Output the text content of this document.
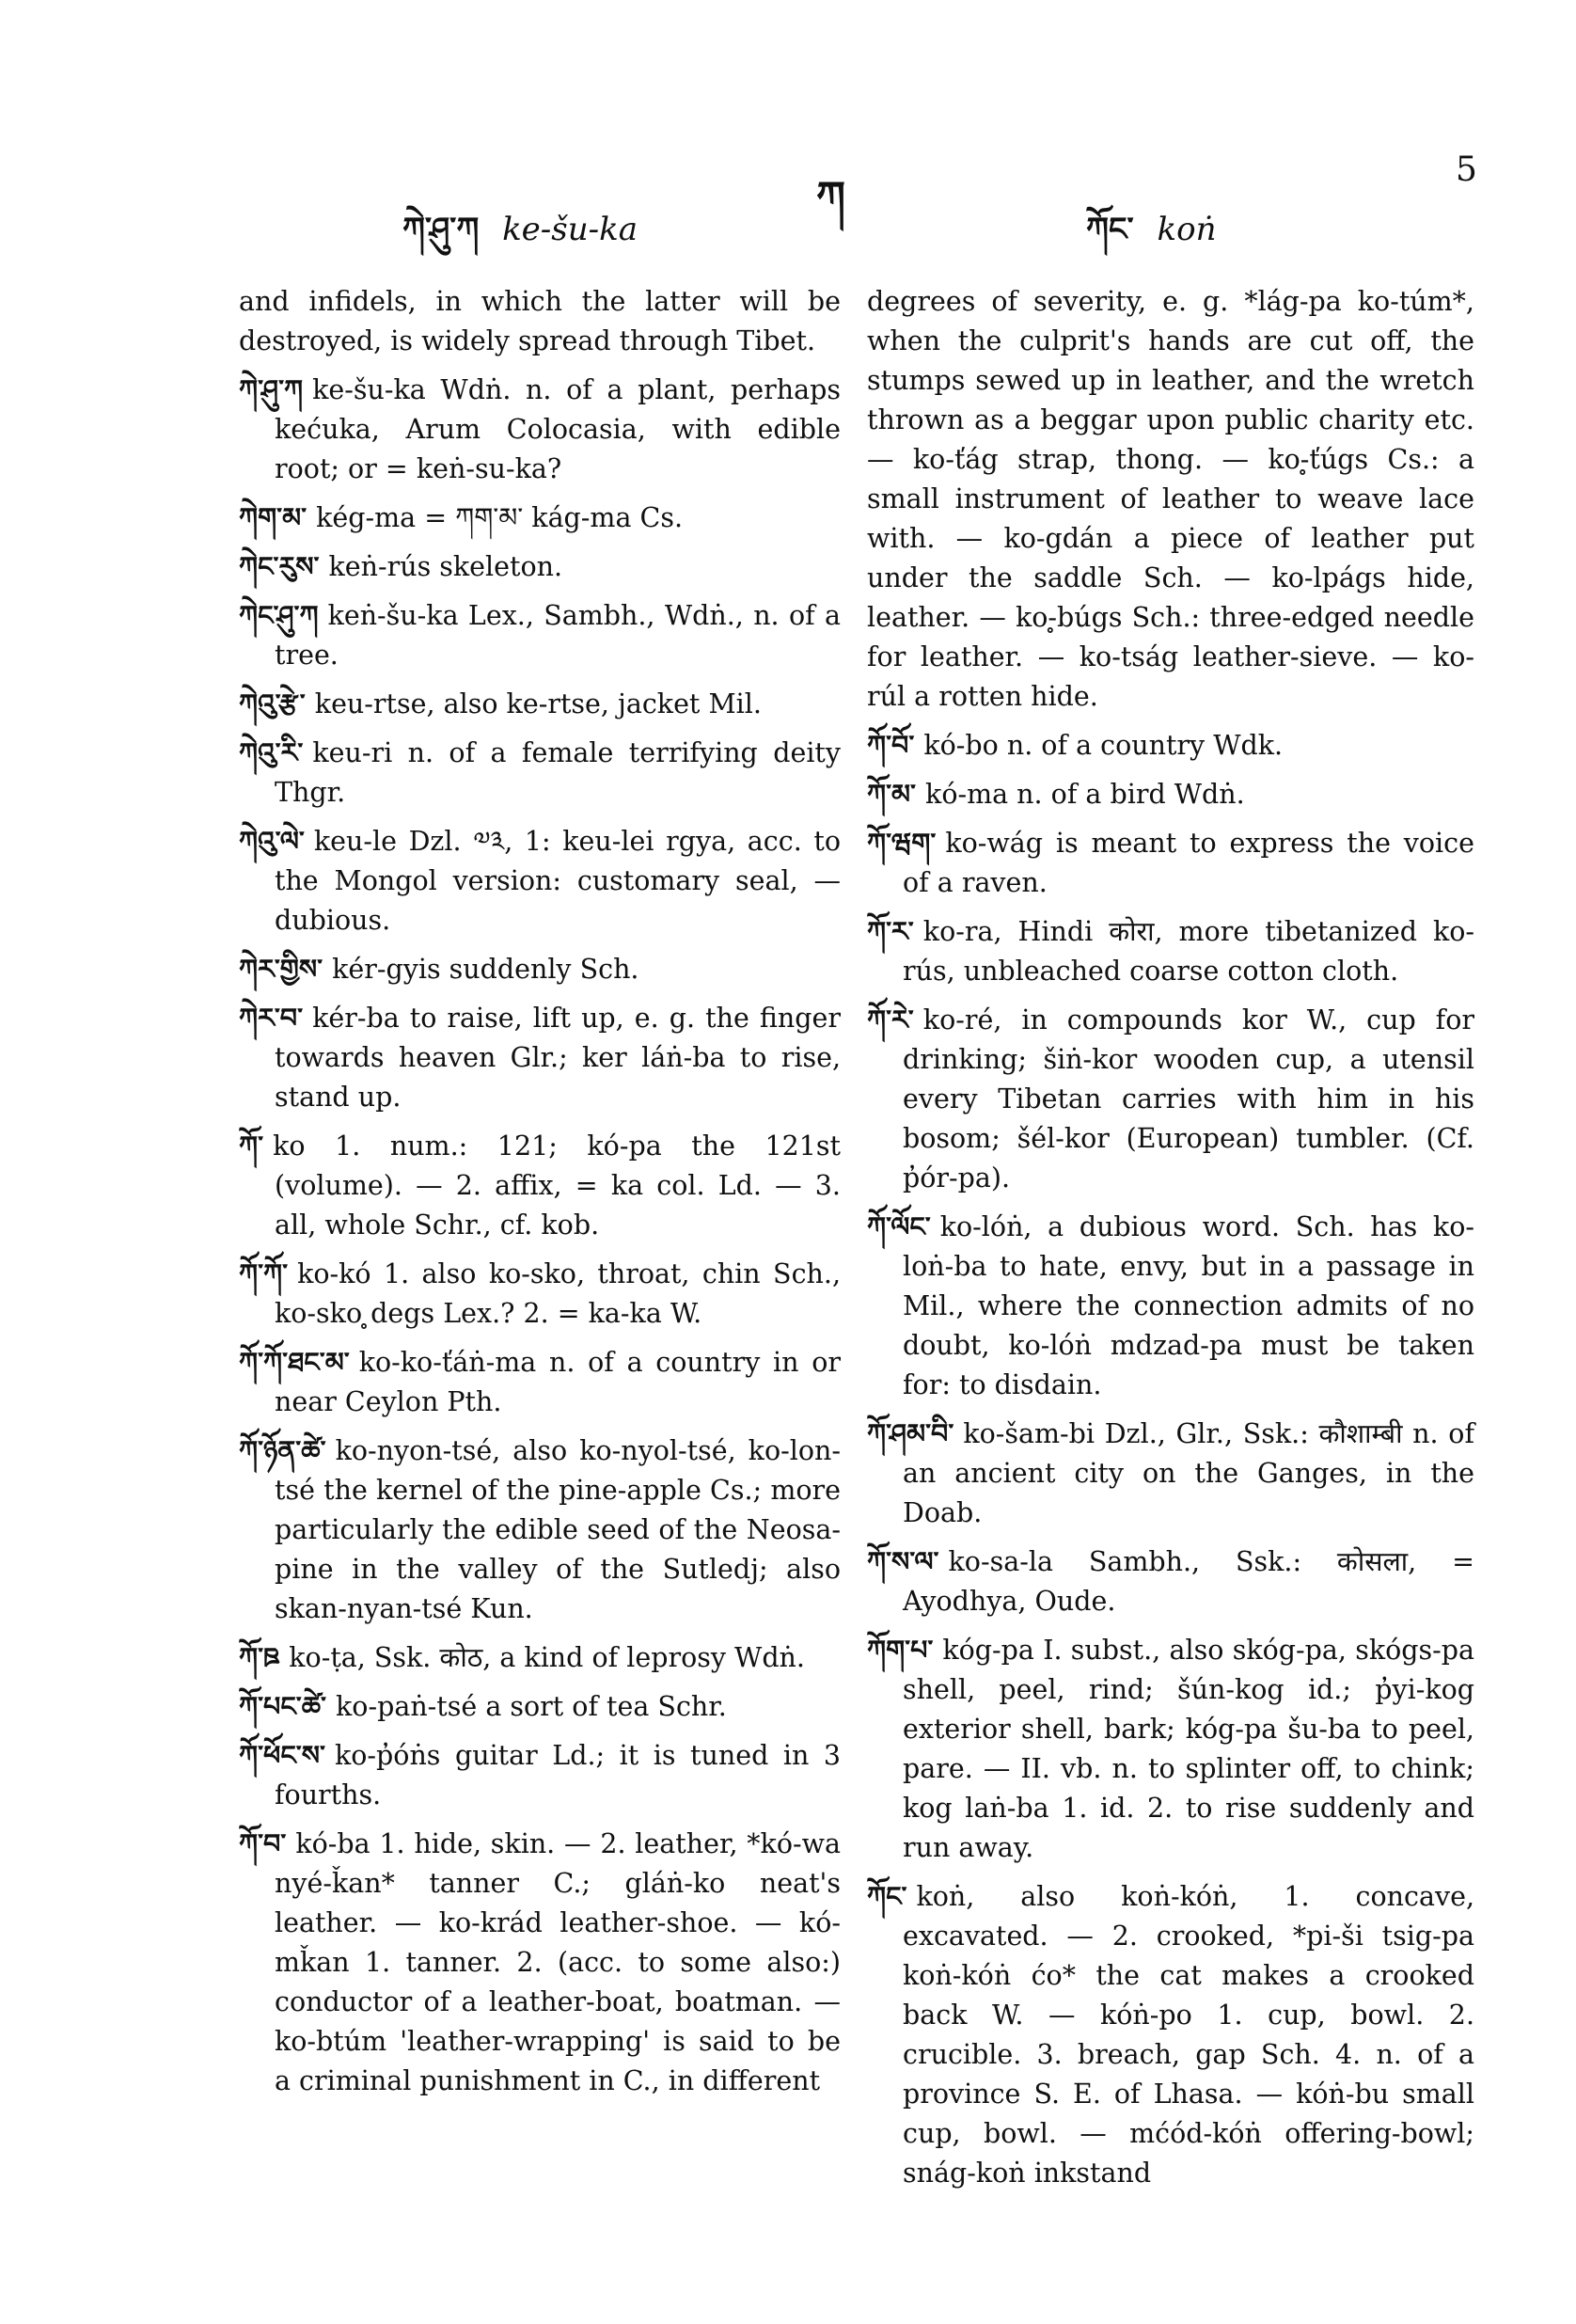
ཀེ་ཤུ་ཀ ke-šu-ka
ཀ
ཀོང་ koṅ
5

and infidels, in which the latter will be destroyed, is widely spread through Tibet.

ཀེ་ཤུ་ཀ ke-šu-ka Wdṅ. n. of a plant, perhaps kećuka, Arum Colocasia, with edible root; or = keṅ-su-ka?

ཀེག་མ་ kég-ma = ཀག་མ་ kág-ma Cs.

ཀེང་རུས་ keṅ-rús skeleton.

ཀེང་ཤུ་ཀ keṅ-šu-ka Lex., Sambh., Wdṅ., n. of a tree.

ཀེའུ་རྩེ་ keu-rtse, also ke-rtse, jacket Mil.

ཀེའུ་རི་ keu-ri n. of a female terrifying deity Thgr.

ཀེའུ་ལེ་ keu-le Dzl. ༧༣, 1: keu-lei rgya, acc. to the Mongol version: customary seal, — dubious.

ཀེར་གྱིས་ kér-gyis suddenly Sch.

ཀེར་བ་ kér-ba to raise, lift up, e. g. the finger towards heaven Glr.; ker láṅ-ba to rise, stand up.

ཀོ་ ko 1. num.: 121; kó-pa the 121st (volume). — 2. affix, = ka col. Ld. — 3. all, whole Schr., cf. kob.

ཀོ་ཀོ་ ko-kó 1. also ko-sko, throat, chin Sch., ko-sko ̥degs Lex.? 2. = ka-ka W.

ཀོ་ཀོ་ཐང་མ་ ko-ko-ťáṅ-ma n. of a country in or near Ceylon Pth.

ཀོ་ཉོན་ཚེ་ ko-nyon-tsé, also ko-nyol-tsé, ko-lon-tsé the kernel of the pine-apple Cs.; more particularly the edible seed of the Neosa-pine in the valley of the Sutledj; also skan-nyan-tsé Kun.

ཀོ་ཋ ko-ṭa, Ssk. कोठ, a kind of leprosy Wdṅ.

ཀོ་པང་ཚེ་ ko-paṅ-tsé a sort of tea Schr.

ཀོ་ཕོང་ས་ ko-p̓óṅs guitar Ld.; it is tuned in 3 fourths.

ཀོ་བ་ kó-ba 1. hide, skin. — 2. leather, *kó-wa nyé-ǩan* tanner C.; gláṅ-ko neat's leather. — ko-krád leather-shoe. — kó-mǩan 1. tanner. 2. (acc. to some also:) conductor of a leather-boat, boatman. — ko-btúm 'leather-wrapping' is said to be a criminal punishment in C., in different

degrees of severity, e. g. *lág-pa ko-túm*, when the culprit's hands are cut off, the stumps sewed up in leather, and the wretch thrown as a beggar upon public charity etc. — ko-ťág strap, thong. — ko-̥ťúgs Cs.: a small instrument of leather to weave lace with. — ko-gdán a piece of leather put under the saddle Sch. — ko-lpágs hide, leather. — ko-̥búgs Sch.: three-edged needle for leather. — ko-tság leather-sieve. — ko-rúl a rotten hide.

ཀོ་བོ་ kó-bo n. of a country Wdk.

ཀོ་མ་ kó-ma n. of a bird Wdṅ.

ཀོ་ཝག་ ko-wág is meant to express the voice of a raven.

ཀོ་ར་ ko-ra, Hindi कोरा, more tibetanized ko-rús, unbleached coarse cotton cloth.

ཀོ་རེ་ ko-ré, in compounds kor W., cup for drinking; šiṅ-kor wooden cup, a utensil every Tibetan carries with him in his bosom; šél-kor (European) tumbler. (Cf. p̓ór-pa).

ཀོ་ལོང་ ko-lóṅ, a dubious word. Sch. has ko-loṅ-ba to hate, envy, but in a passage in Mil., where the connection admits of no doubt, ko-lóṅ mdzad-pa must be taken for: to disdain.

ཀོ་ཤམ་བི་ ko-šam-bi Dzl., Glr., Ssk.: कौशाम्बी n. of an ancient city on the Ganges, in the Doab.

ཀོ་ས་ལ་ ko-sa-la Sambh., Ssk.: कोसला, = Ayodhya, Oude.

ཀོག་པ་ kóg-pa I. subst., also skóg-pa, skógs-pa shell, peel, rind; šún-kog id.; p̓yi-kog exterior shell, bark; kóg-pa šu-ba to peel, pare. — II. vb. n. to splinter off, to chink; kog laṅ-ba 1. id. 2. to rise suddenly and run away.

ཀོང་ koṅ, also koṅ-kóṅ, 1. concave, excavated. — 2. crooked, *pi-ši tsig-pa koṅ-kóṅ ćo* the cat makes a crooked back W. — kóṅ-po 1. cup, bowl. 2. crucible. 3. breach, gap Sch. 4. n. of a province S. E. of Lhasa. — kóṅ-bu small cup, bowl. — mćód-kóṅ offering-bowl; snág-koṅ inkstand
